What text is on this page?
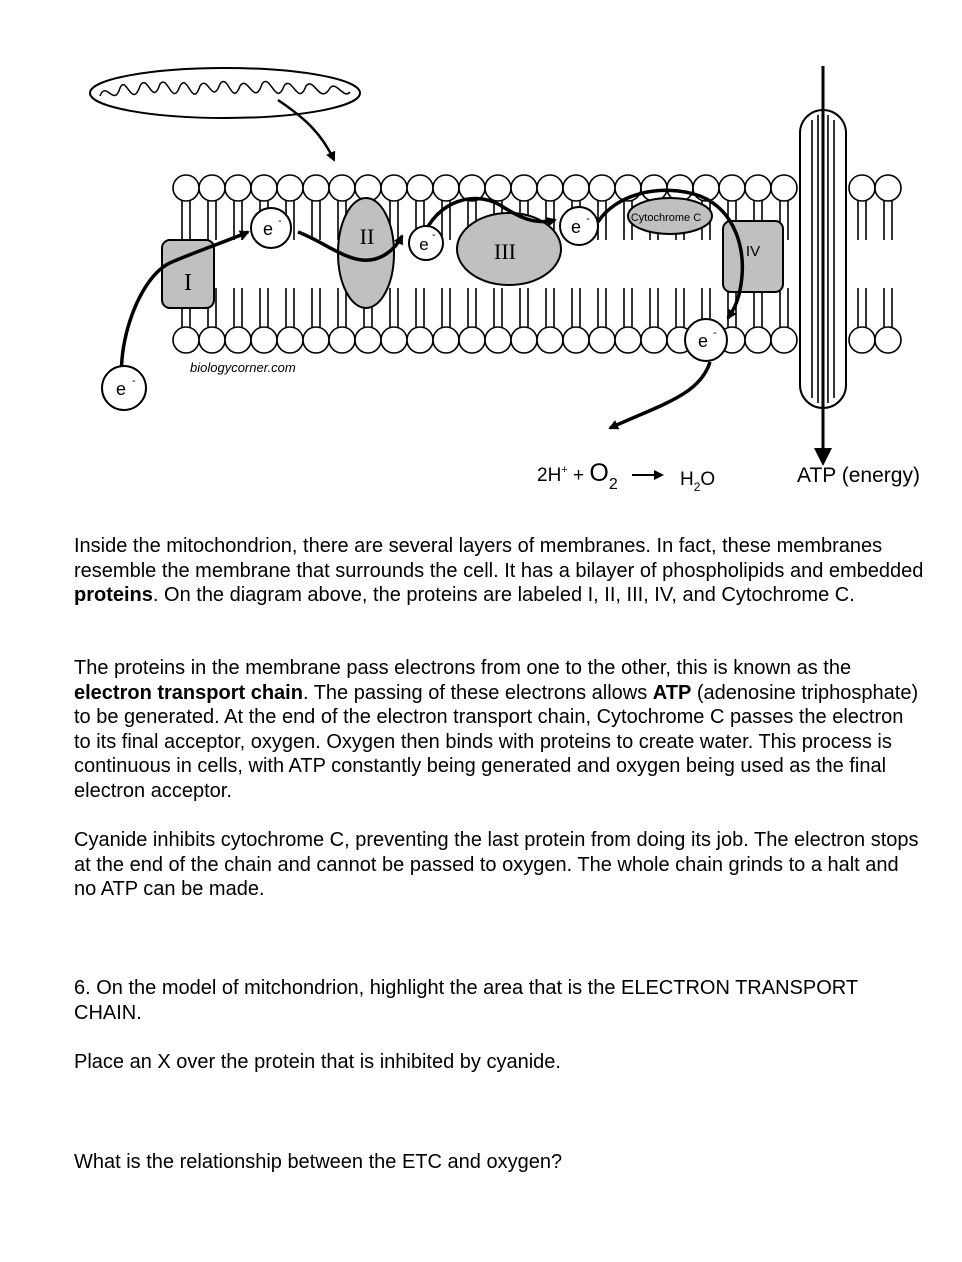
I
II
III
Cytochrome C
IV
e -
e -
e -	e -
e -
biologycorner.com
$2H^+ + O_2$	$H_2O$	ATP (energy)

Inside the mitochondrion, there are several layers of membranes. In fact, these membranes resemble the membrane that surrounds the cell. It has a bilayer of phospholipids and embedded proteins. On the diagram above, the proteins are labeled I, II, III, IV, and Cytochrome C.

The proteins in the membrane pass electrons from one to the other, this is known as the electron transport chain. The passing of these electrons allows ATP (adenosine triphosphate) to be generated. At the end of the electron transport chain, Cytochrome C passes the electron to its final acceptor, oxygen. Oxygen then binds with proteins to create water. This process is continuous in cells, with ATP constantly being generated and oxygen being used as the final electron acceptor.

Cyanide inhibits cytochrome C, preventing the last protein from doing its job. The electron stops at the end of the chain and cannot be passed to oxygen. The whole chain grinds to a halt and no ATP can be made.

6. On the model of mitchondrion, highlight the area that is the ELECTRON TRANSPORT CHAIN.

Place an X over the protein that is inhibited by cyanide.

What is the relationship between the ETC and oxygen?
